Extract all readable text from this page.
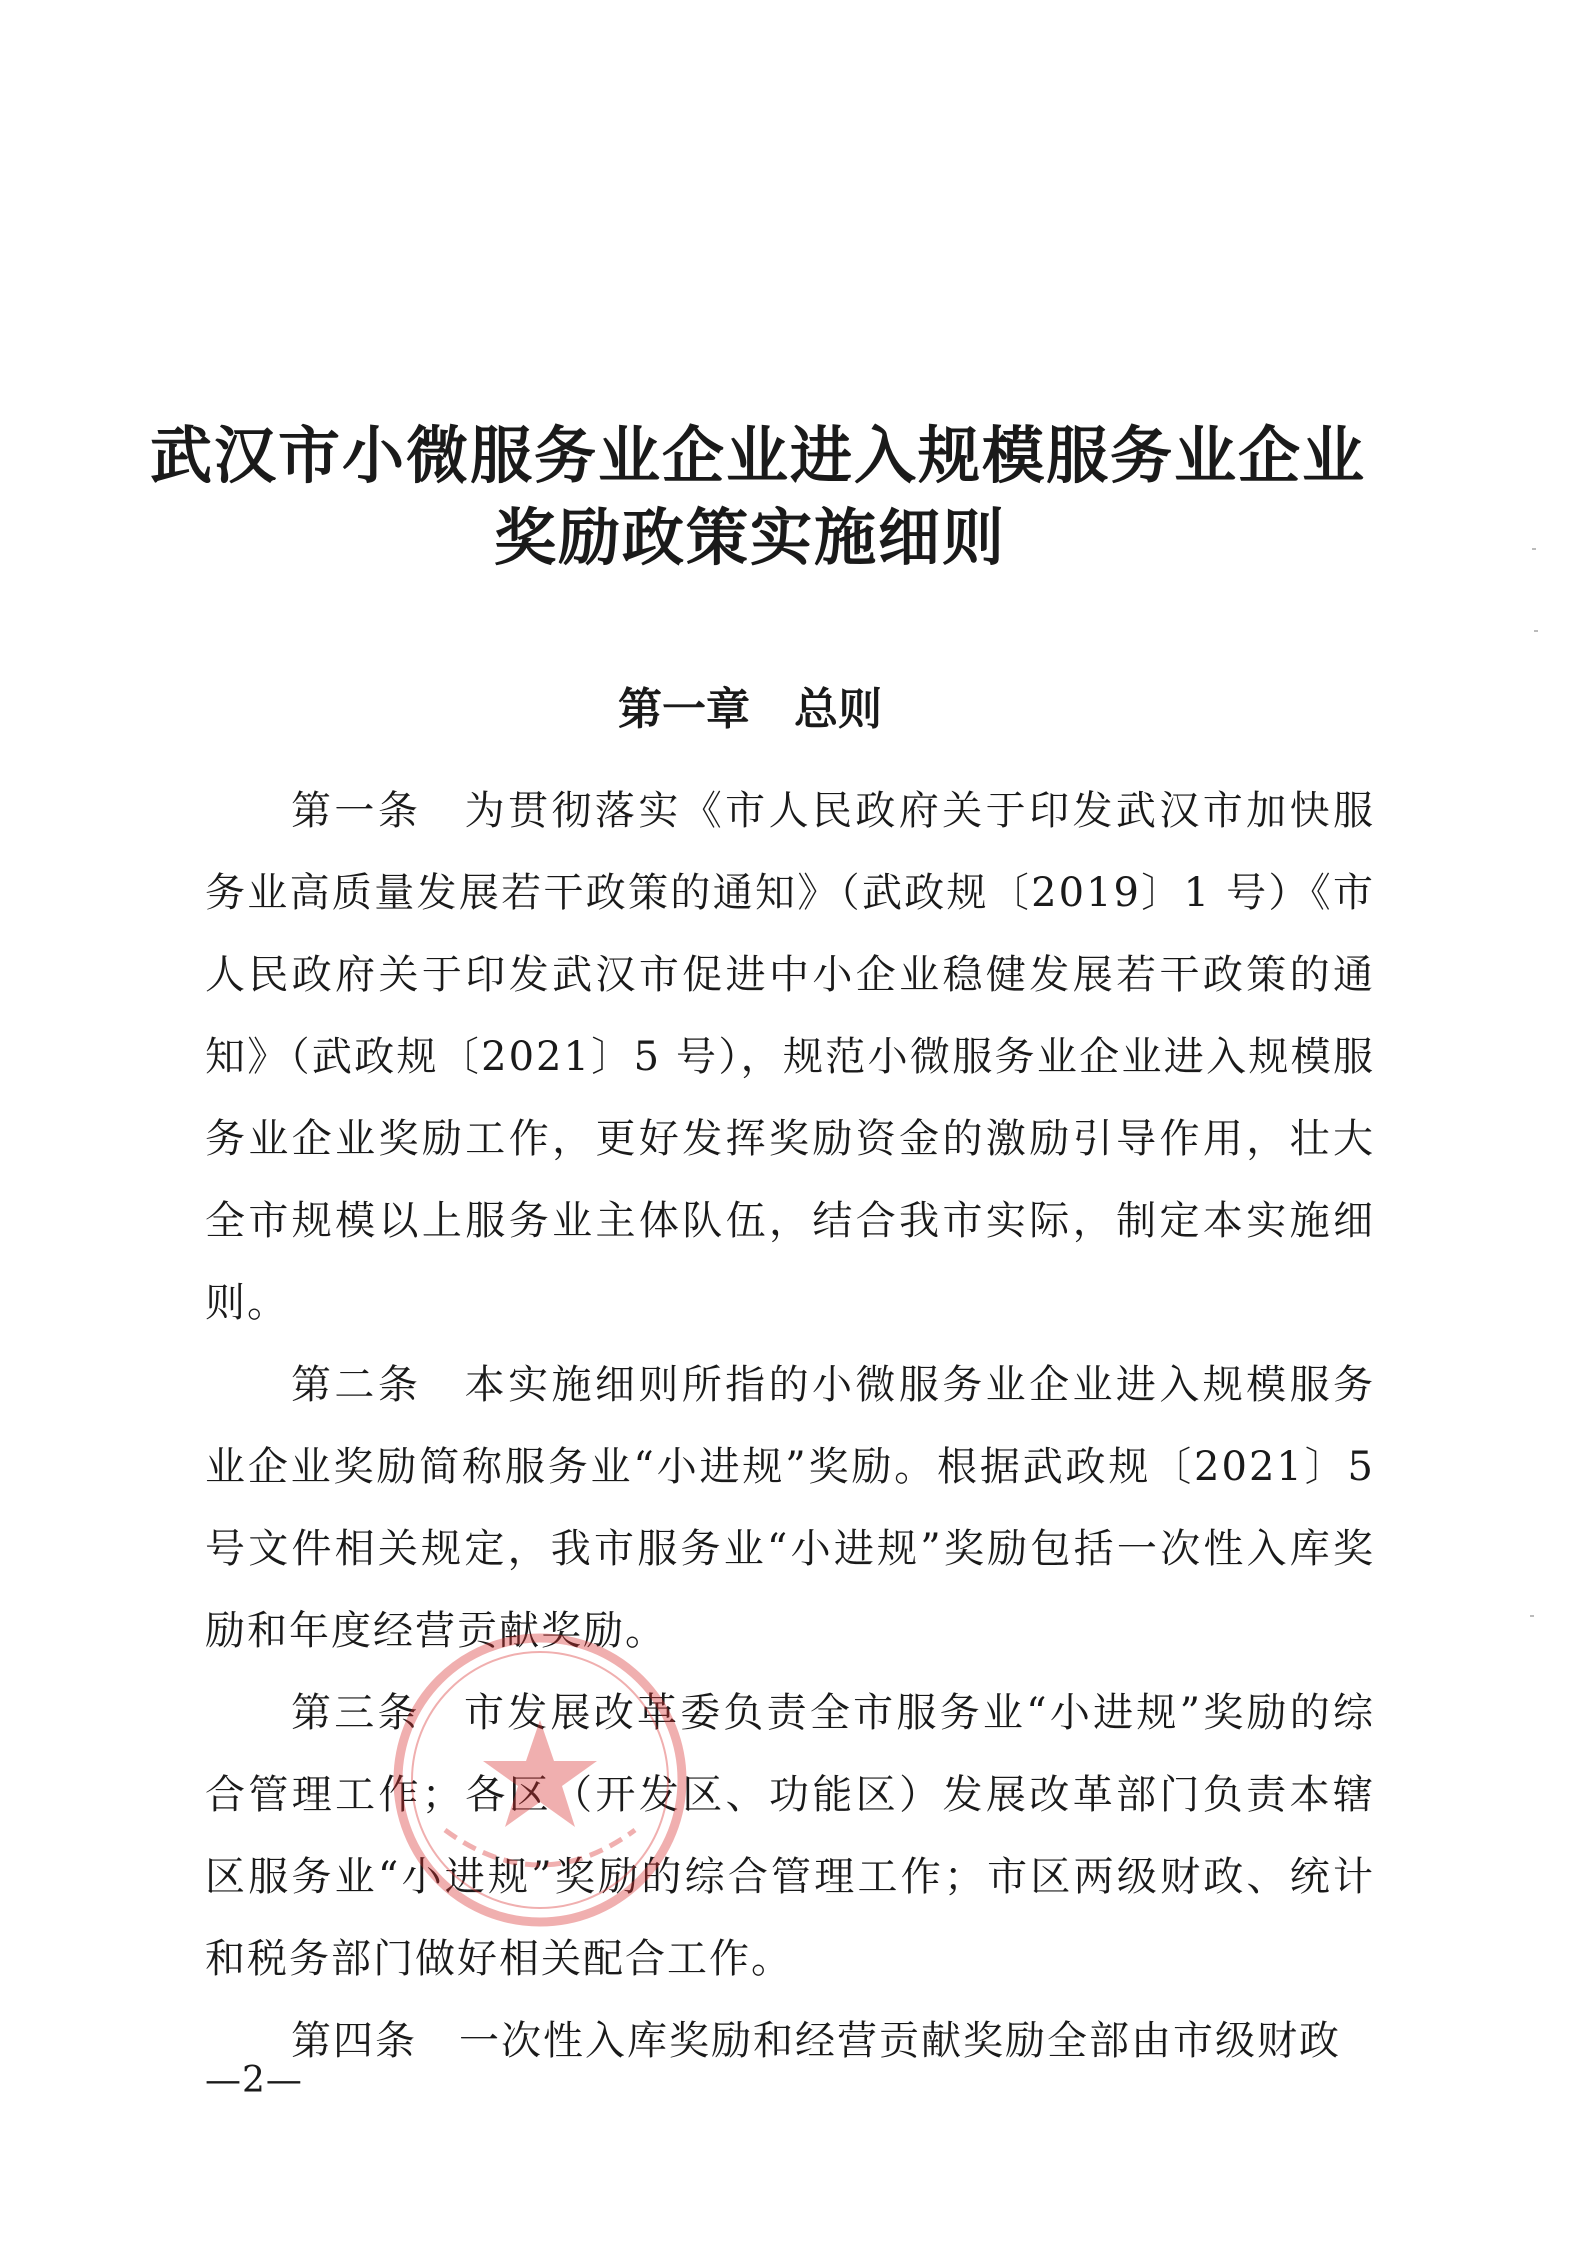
武汉市小微服务业企业进入规模服务业企业
奖励政策实施细则
第一章　总则

第一条　为贯彻落实《市人民政府关于印发武汉市加快服务业高质量发展若干政策的通知》（武政规〔2019〕1 号）《市人民政府关于印发武汉市促进中小企业稳健发展若干政策的通知》（武政规〔2021〕5 号），规范小微服务业企业进入规模服务业企业奖励工作，更好发挥奖励资金的激励引导作用，壮大全市规模以上服务业主体队伍，结合我市实际，制定本实施细则。

第二条　本实施细则所指的小微服务业企业进入规模服务业企业奖励简称服务业“小进规”奖励。根据武政规〔2021〕5 号文件相关规定，我市服务业“小进规”奖励包括一次性入库奖励和年度经营贡献奖励。

第三条　市发展改革委负责全市服务业“小进规”奖励的综合管理工作；各区（开发区、功能区）发展改革部门负责本辖区服务业“小进规”奖励的综合管理工作；市区两级财政、统计和税务部门做好相关配合工作。

第四条　一次性入库奖励和经营贡献奖励全部由市级财政

—2—
